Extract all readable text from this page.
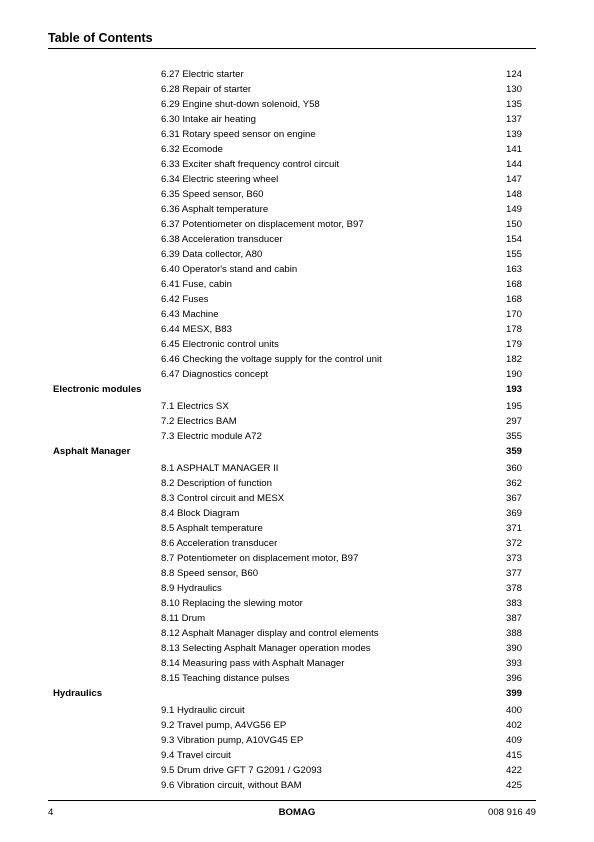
Table of Contents
6.27 Electric starter	124
6.28 Repair of starter	130
6.29 Engine shut-down solenoid, Y58	135
6.30 Intake air heating	137
6.31 Rotary speed sensor on engine	139
6.32 Ecomode	141
6.33 Exciter shaft frequency control circuit	144
6.34 Electric steering wheel	147
6.35 Speed sensor, B60	148
6.36 Asphalt temperature	149
6.37 Potentiometer on displacement motor, B97	150
6.38 Acceleration transducer	154
6.39 Data collector, A80	155
6.40 Operator's stand and cabin	163
6.41 Fuse, cabin	168
6.42 Fuses	168
6.43 Machine	170
6.44 MESX, B83	178
6.45 Electronic control units	179
6.46 Checking the voltage supply for the control unit	182
6.47 Diagnostics concept	190
Electronic modules	193
7.1 Electrics SX	195
7.2 Electrics BAM	297
7.3 Electric module A72	355
Asphalt Manager	359
8.1 ASPHALT MANAGER II	360
8.2 Description of function	362
8.3 Control circuit and MESX	367
8.4 Block Diagram	369
8.5 Asphalt temperature	371
8.6 Acceleration transducer	372
8.7 Potentiometer on displacement motor, B97	373
8.8 Speed sensor, B60	377
8.9 Hydraulics	378
8.10 Replacing the slewing motor	383
8.11 Drum	387
8.12 Asphalt Manager display and control elements	388
8.13 Selecting Asphalt Manager operation modes	390
8.14 Measuring pass with Asphalt Manager	393
8.15 Teaching distance pulses	396
Hydraulics	399
9.1 Hydraulic circuit	400
9.2 Travel pump, A4VG56 EP	402
9.3 Vibration pump, A10VG45 EP	409
9.4 Travel circuit	415
9.5 Drum drive GFT 7 G2091 / G2093	422
9.6 Vibration circuit, without BAM	425
4	BOMAG	008 916 49
